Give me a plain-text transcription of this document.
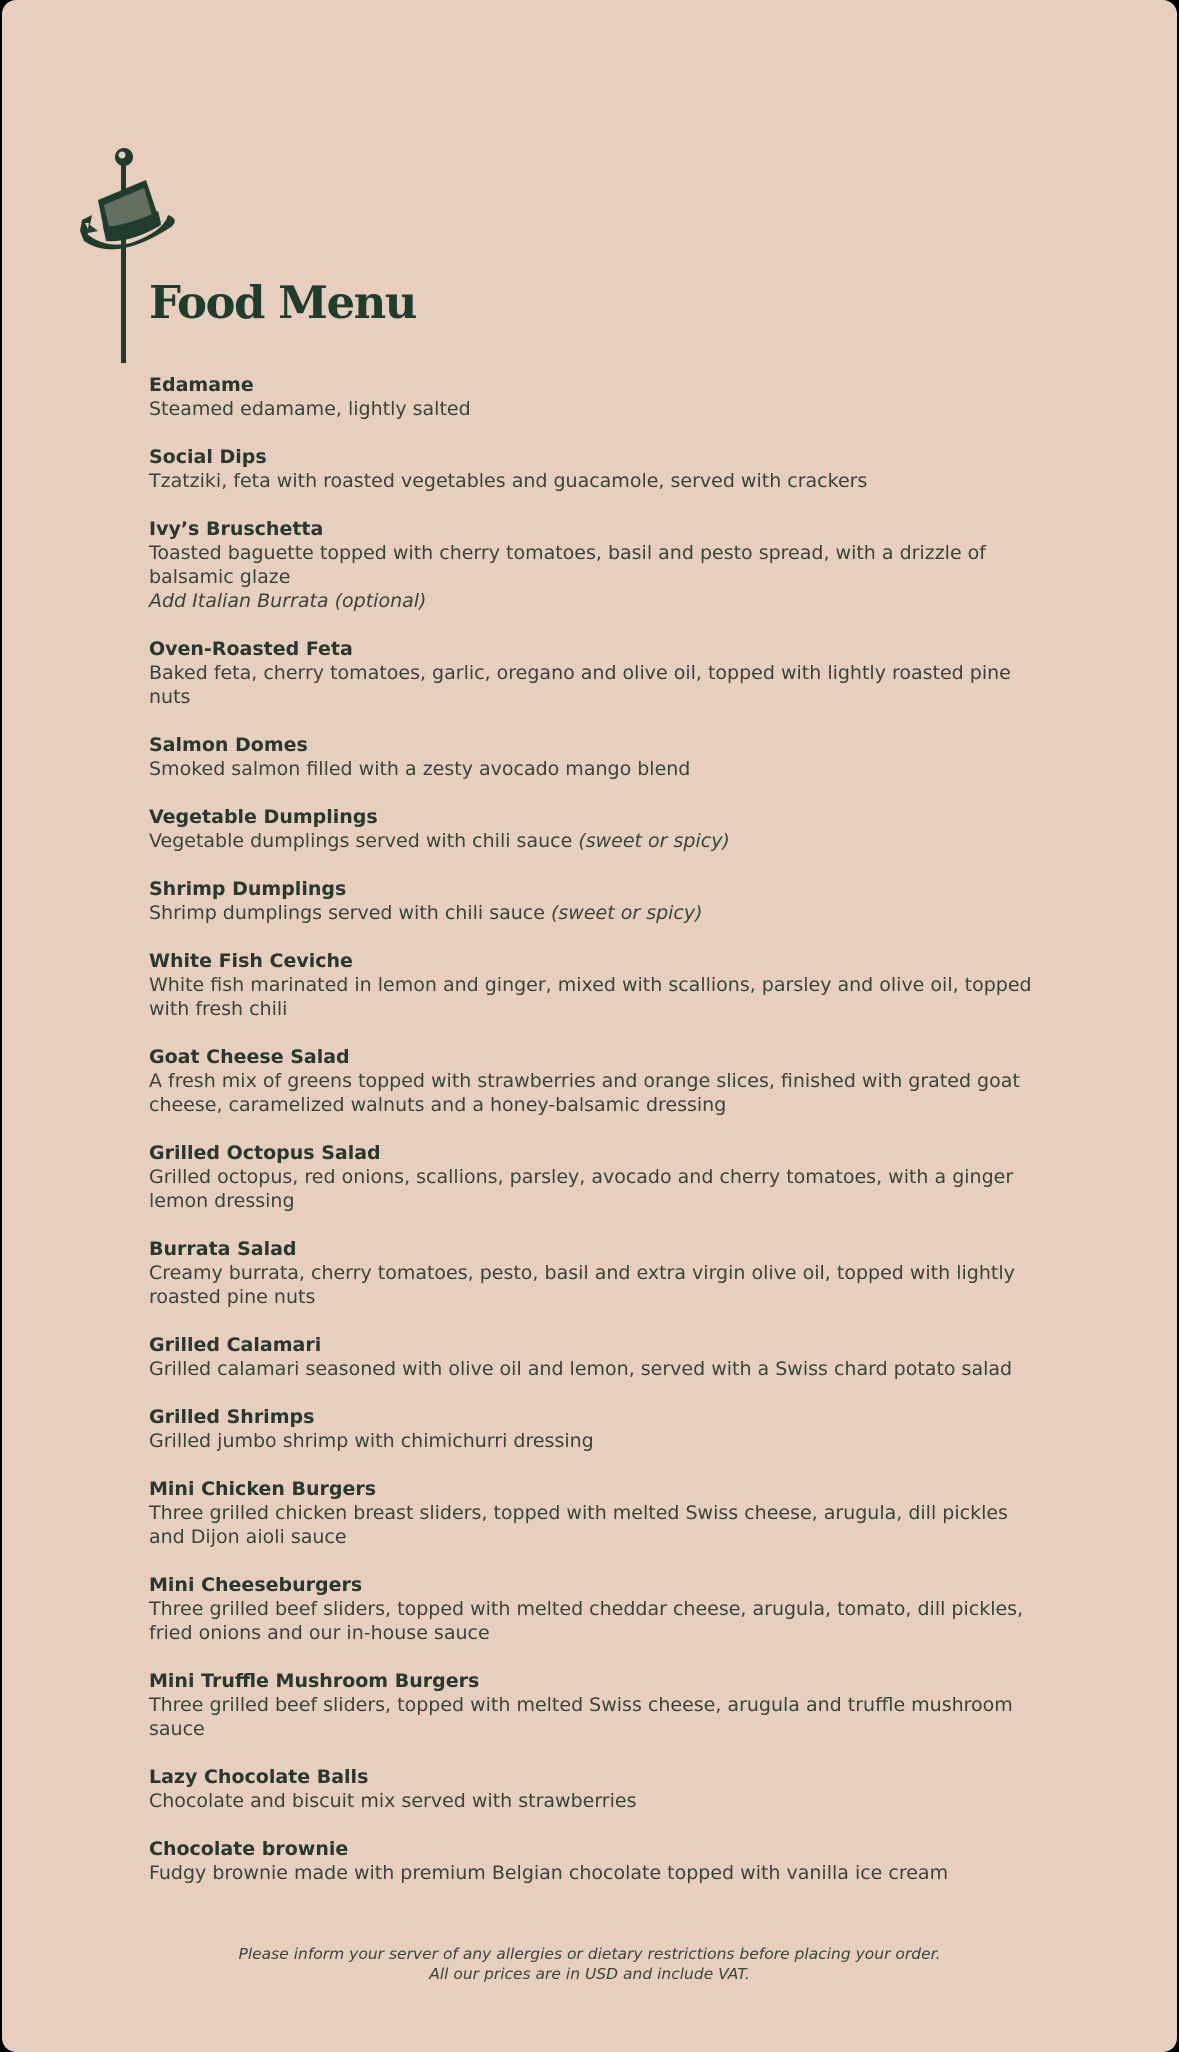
Food Menu
Edamame
Steamed edamame, lightly salted
Social Dips
Tzatziki, feta with roasted vegetables and guacamole, served with crackers
Ivy’s Bruschetta
Toasted baguette topped with cherry tomatoes, basil and pesto spread, with a drizzle of balsamic glaze
Add Italian Burrata (optional)
Oven-Roasted Feta
Baked feta, cherry tomatoes, garlic, oregano and olive oil, topped with lightly roasted pine nuts
Salmon Domes
Smoked salmon filled with a zesty avocado mango blend
Vegetable Dumplings
Vegetable dumplings served with chili sauce (sweet or spicy)
Shrimp Dumplings
Shrimp dumplings served with chili sauce (sweet or spicy)
White Fish Ceviche
White fish marinated in lemon and ginger, mixed with scallions, parsley and olive oil, topped with fresh chili
Goat Cheese Salad
A fresh mix of greens topped with strawberries and orange slices, finished with grated goat cheese, caramelized walnuts and a honey-balsamic dressing
Grilled Octopus Salad
Grilled octopus, red onions, scallions, parsley, avocado and cherry tomatoes, with a ginger lemon dressing
Burrata Salad
Creamy burrata, cherry tomatoes, pesto, basil and extra virgin olive oil, topped with lightly roasted pine nuts
Grilled Calamari
Grilled calamari seasoned with olive oil and lemon, served with a Swiss chard potato salad
Grilled Shrimps
Grilled jumbo shrimp with chimichurri dressing
Mini Chicken Burgers
Three grilled chicken breast sliders, topped with melted Swiss cheese, arugula, dill pickles and Dijon aioli sauce
Mini Cheeseburgers
Three grilled beef sliders, topped with melted cheddar cheese, arugula, tomato, dill pickles, fried onions and our in-house sauce
Mini Truffle Mushroom Burgers
Three grilled beef sliders, topped with melted Swiss cheese, arugula and truffle mushroom sauce
Lazy Chocolate Balls
Chocolate and biscuit mix served with strawberries
Chocolate brownie
Fudgy brownie made with premium Belgian chocolate topped with vanilla ice cream
Please inform your server of any allergies or dietary restrictions before placing your order.
All our prices are in USD and include VAT.
